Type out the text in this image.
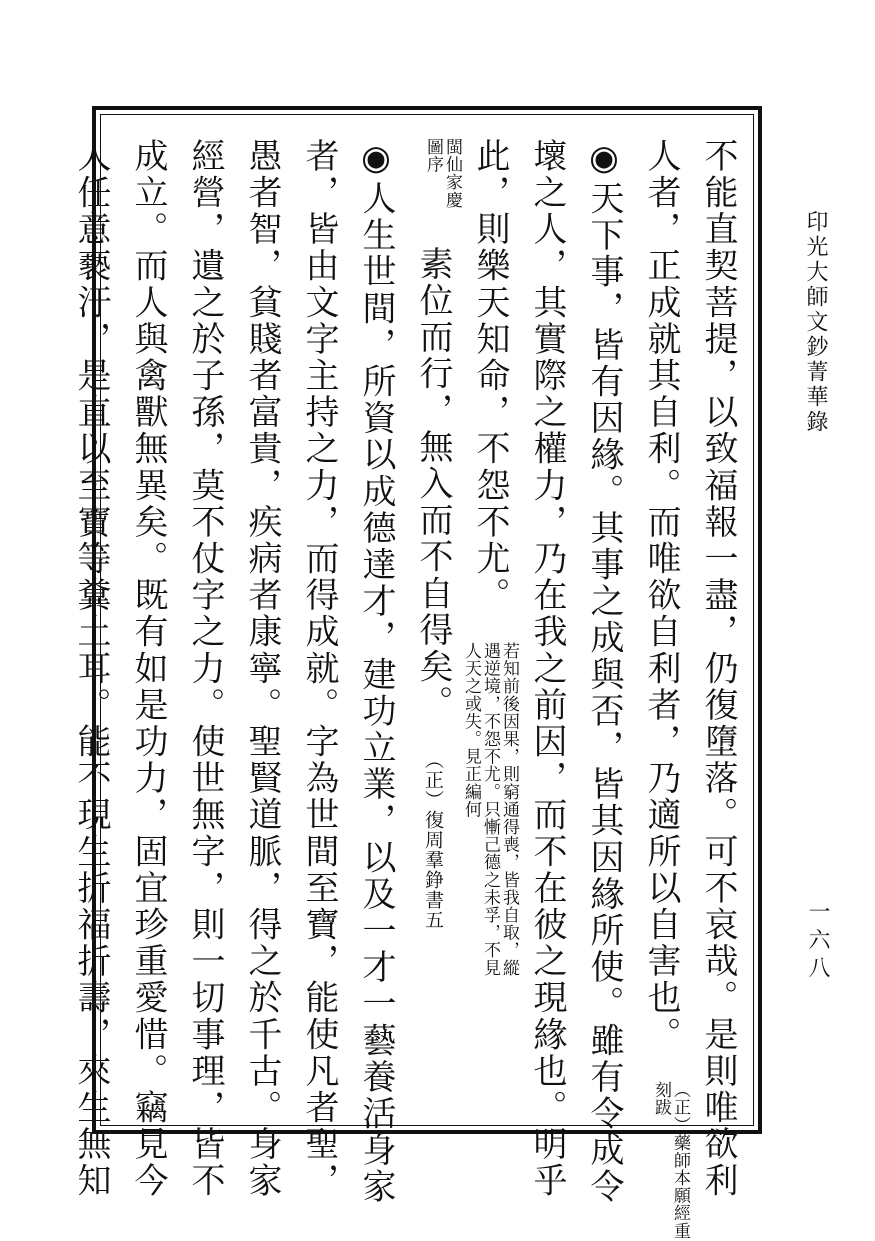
印光大師文鈔菁華錄
一六八
不能直契菩提，以致福報一盡，仍復墮落。可不哀哉。是則唯欲利
人者，正成就其自利。而唯欲自利者，乃適所以自害也。（正）藥師本願經重刻跋
◉天下事，皆有因緣。其事之成與否，皆其因緣所使。雖有令成令
壞之人，其實際之權力，乃在我之前因，而不在彼之現緣也。明乎
此，則樂天知命，不怨不尤。若知前後因果，則窮通得喪，皆我自取，縱遇逆境，不怨不尤。只慚己德之未孚，不見人天之或失。見正編何
閩仙家慶圖序素位而行，無入而不自得矣。（正）復周羣錚書五
◉人生世間，所資以成德達才，建功立業，以及一才一藝養活身家
者，皆由文字主持之力，而得成就。字為世間至寶，能使凡者聖，
愚者智，貧賤者富貴，疾病者康寧。聖賢道脈，得之於千古。身家
經營，遺之於子孫，莫不仗字之力。使世無字，則一切事理，皆不
成立。而人與禽獸無異矣。既有如是功力，固宜珍重愛惜。竊見今
人任意褻汙，是直以至寶等糞土耳。能不現生折福折壽，來生無知
